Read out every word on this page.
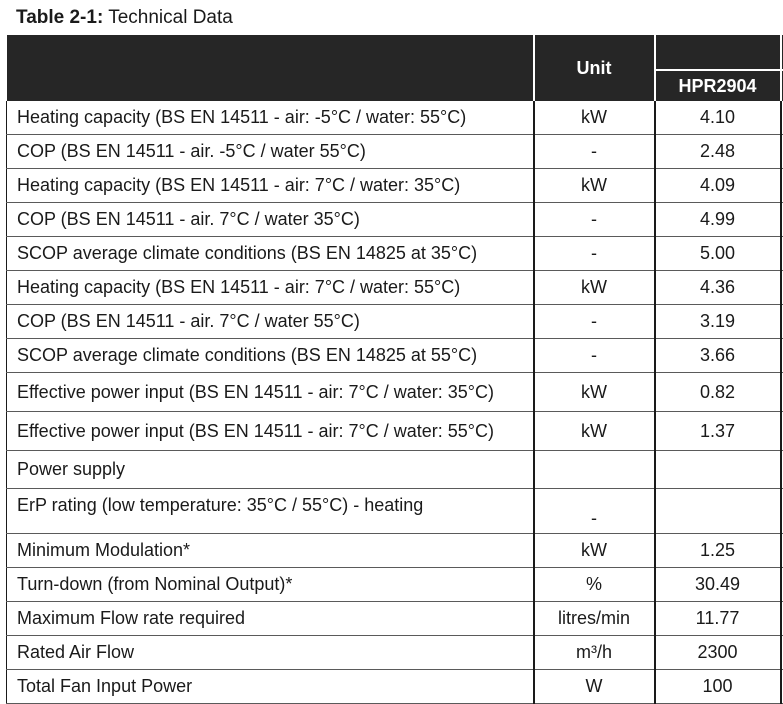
Table 2-1: Technical Data
	Unit		
		HPR2904	
Heating capacity (BS EN 14511 - air: -5°C / water: 55°C)	kW	4.10	
COP (BS EN 14511 - air. -5°C / water 55°C)	-	2.48	
Heating capacity (BS EN 14511 - air: 7°C / water: 35°C)	kW	4.09	
COP (BS EN 14511 - air. 7°C / water 35°C)	-	4.99	
SCOP average climate conditions (BS EN 14825 at 35°C)	-	5.00	
Heating capacity (BS EN 14511 - air: 7°C / water: 55°C)	kW	4.36	
COP (BS EN 14511 - air. 7°C / water 55°C)	-	3.19	
SCOP average climate conditions (BS EN 14825 at 55°C)	-	3.66	
Effective power input (BS EN 14511 - air: 7°C / water: 35°C)	kW	0.82	
Effective power input (BS EN 14511 - air: 7°C / water: 55°C)	kW	1.37	
Power supply			
ErP rating (low temperature: 35°C / 55°C) - heating	-		
Minimum Modulation*	kW	1.25	
Turn-down (from Nominal Output)*	%	30.49	
Maximum Flow rate required	litres/min	11.77	
Rated Air Flow	m³/h	2300	
Total Fan Input Power	W	100	
